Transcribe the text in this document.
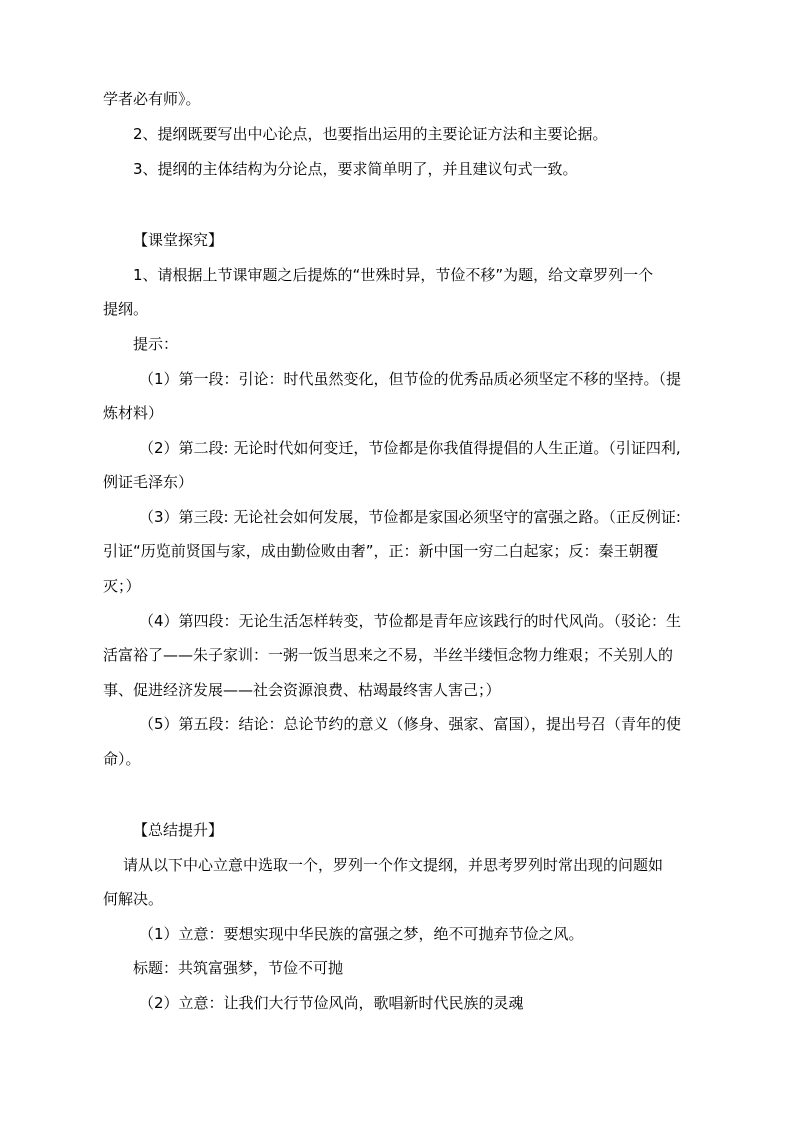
学者必有师》。
2、提纲既要写出中心论点，也要指出运用的主要论证方法和主要论据。
3、提纲的主体结构为分论点，要求简单明了，并且建议句式一致。
【课堂探究】
1、请根据上节课审题之后提炼的“世殊时异，节俭不移”为题，给文章罗列一个
提纲。
提示：
（1）第一段：引论：时代虽然变化，但节俭的优秀品质必须坚定不移的坚持。（提
炼材料）
（2）第二段: 无论时代如何变迁，节俭都是你我值得提倡的人生正道。（引证四利,
例证毛泽东）
（3）第三段: 无论社会如何发展，节俭都是家国必须坚守的富强之路。（正反例证:
引证“历览前贤国与家，成由勤俭败由奢”，正：新中国一穷二白起家；反：秦王朝覆
灭；）
（4）第四段：无论生活怎样转变，节俭都是青年应该践行的时代风尚。（驳论：生
活富裕了——朱子家训：一粥一饭当思来之不易，半丝半缕恒念物力维艰；不关别人的
事、促进经济发展——社会资源浪费、枯竭最终害人害己；）
（5）第五段：结论：总论节约的意义（修身、强家、富国），提出号召（青年的使
命）。
【总结提升】
请从以下中心立意中选取一个，罗列一个作文提纲，并思考罗列时常出现的问题如
何解决。
（1）立意：要想实现中华民族的富强之梦，绝不可抛弃节俭之风。
标题：共筑富强梦，节俭不可抛
（2）立意：让我们大行节俭风尚，歌唱新时代民族的灵魂
